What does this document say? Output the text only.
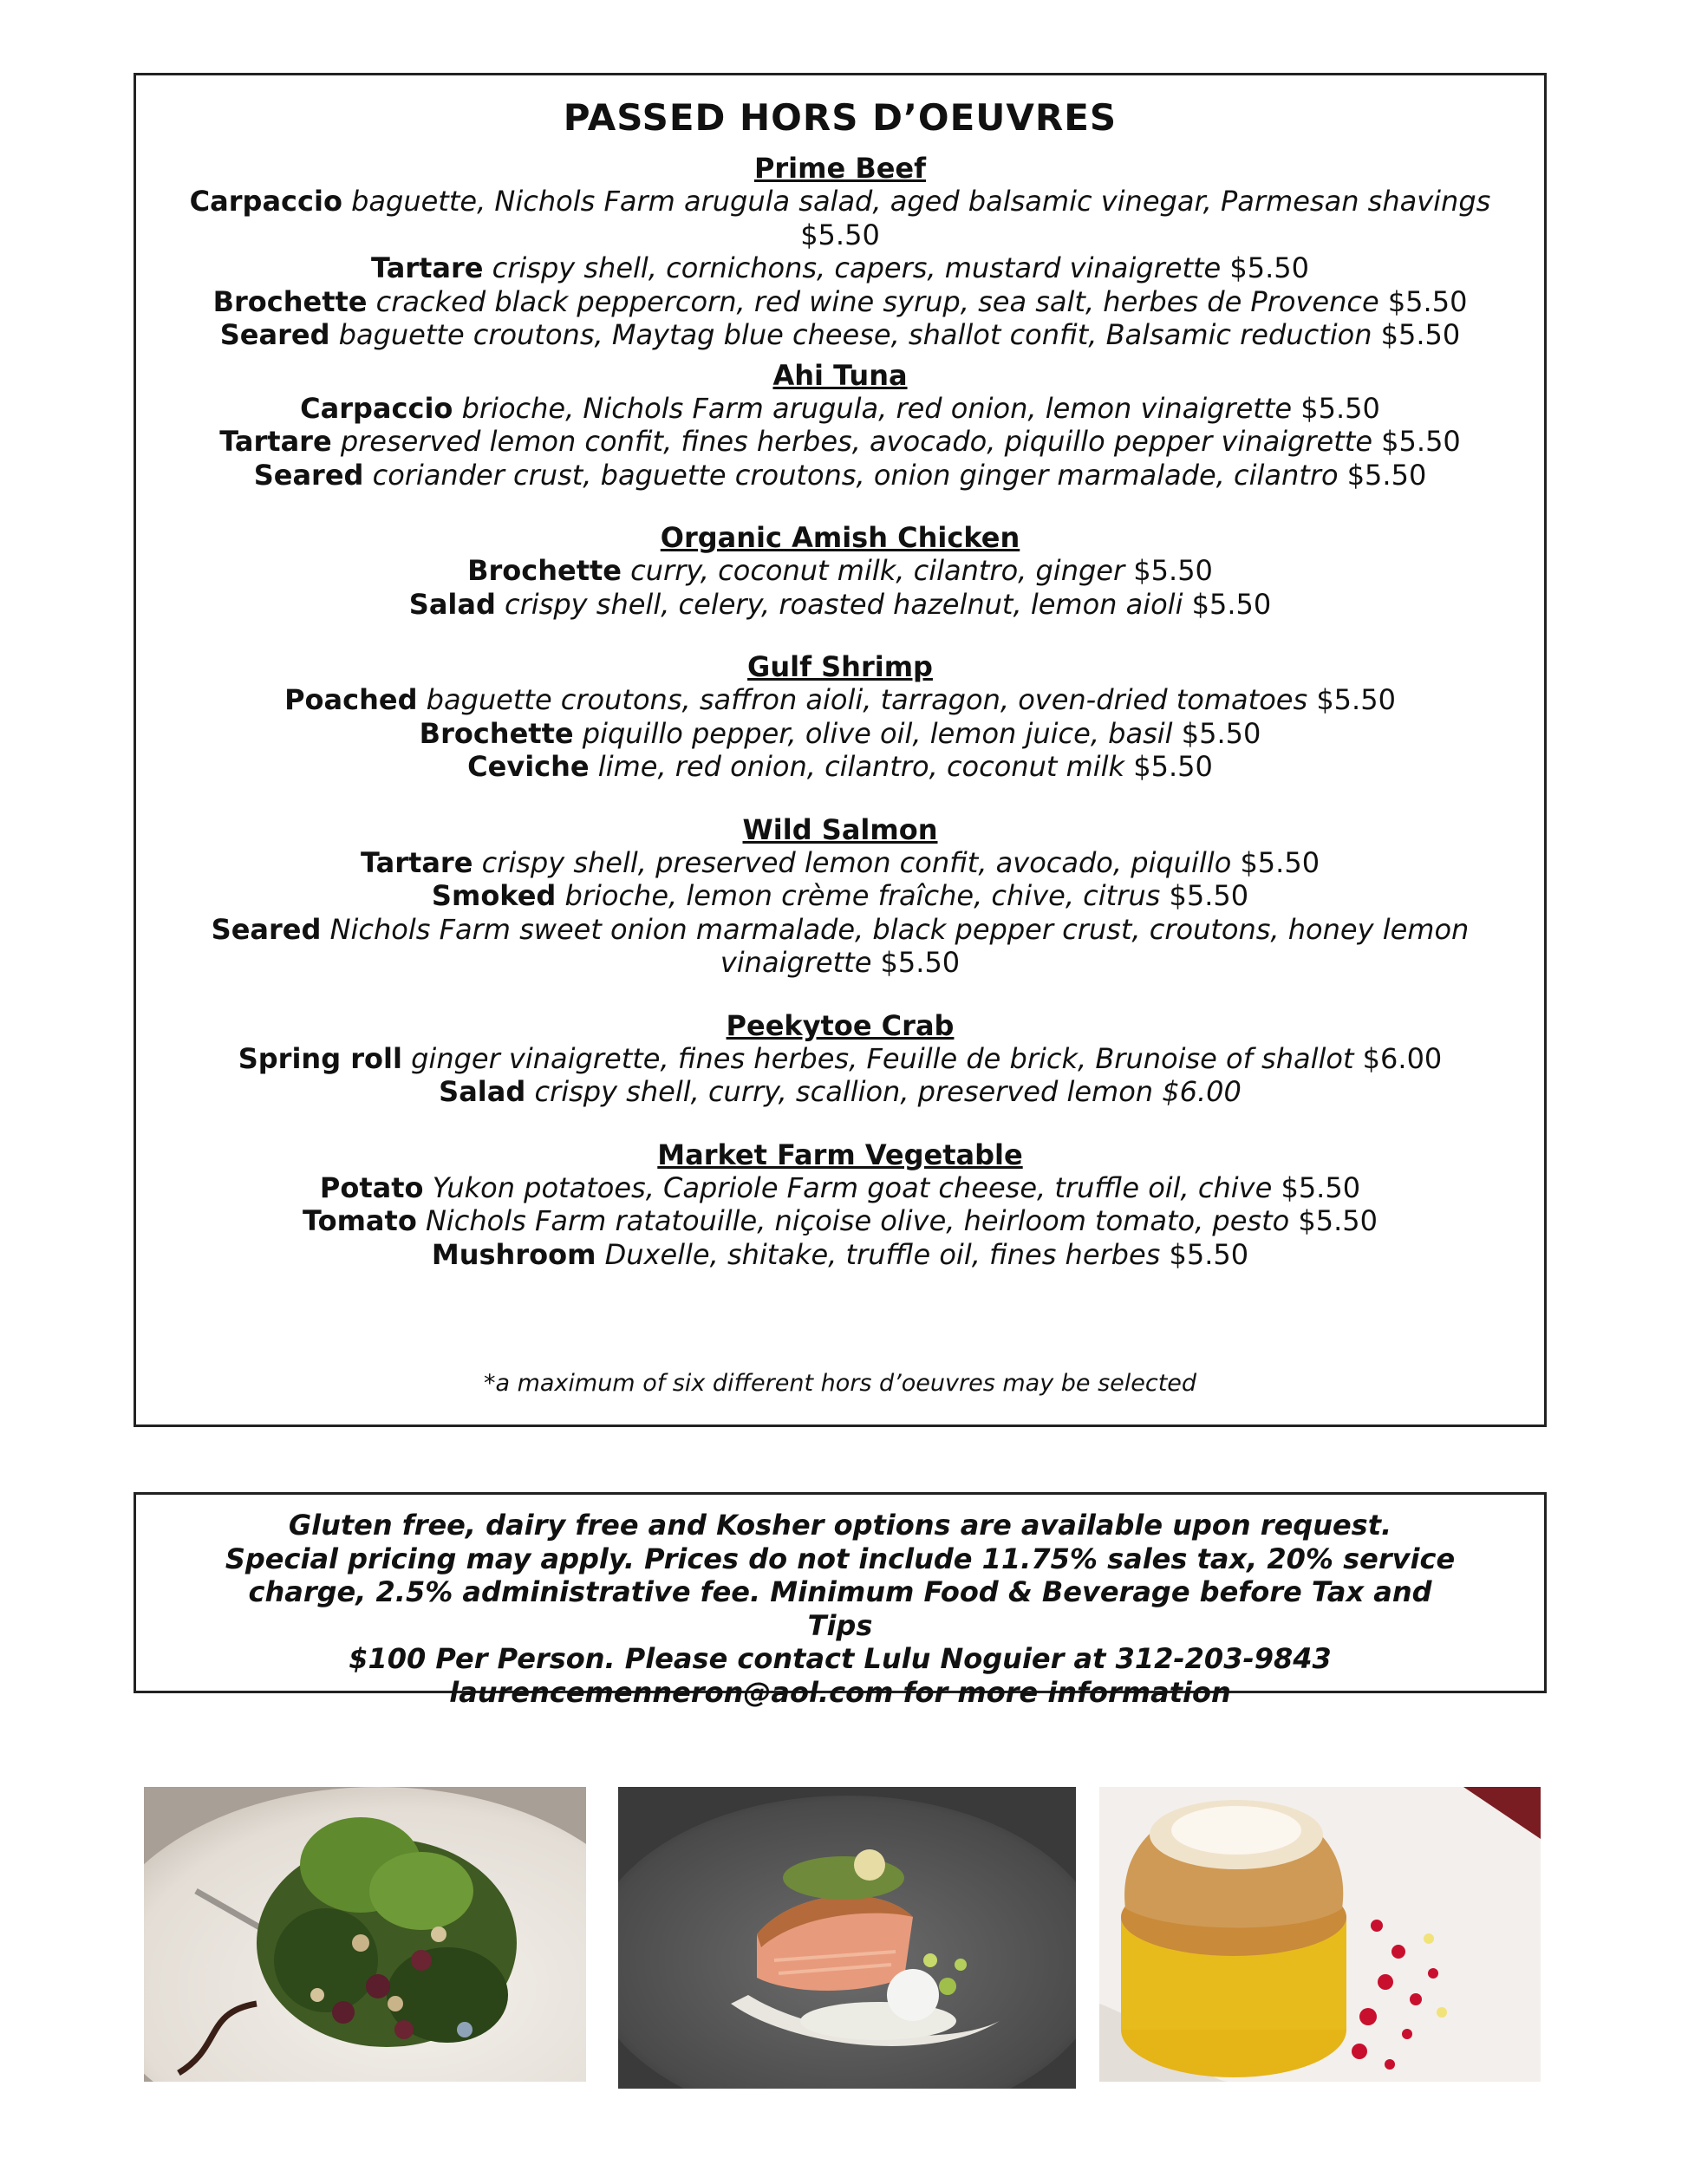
PASSED HORS D’OEUVRES
Prime Beef
Carpaccio baguette, Nichols Farm arugula salad, aged balsamic vinegar, Parmesan shavings $5.50
Tartare crispy shell, cornichons, capers, mustard vinaigrette $5.50
Brochette cracked black peppercorn, red wine syrup, sea salt, herbes de Provence $5.50
Seared baguette croutons, Maytag blue cheese, shallot confit, Balsamic reduction $5.50
Ahi Tuna
Carpaccio brioche, Nichols Farm arugula, red onion, lemon vinaigrette $5.50
Tartare preserved lemon confit, fines herbes, avocado, piquillo pepper vinaigrette $5.50
Seared coriander crust, baguette croutons, onion ginger marmalade, cilantro $5.50
Organic Amish Chicken
Brochette curry, coconut milk, cilantro, ginger $5.50
Salad crispy shell, celery, roasted hazelnut, lemon aioli $5.50
Gulf Shrimp
Poached baguette croutons, saffron aioli, tarragon, oven-dried tomatoes $5.50
Brochette piquillo pepper, olive oil, lemon juice, basil $5.50
Ceviche lime, red onion, cilantro, coconut milk $5.50
Wild Salmon
Tartare crispy shell, preserved lemon confit, avocado, piquillo $5.50
Smoked brioche, lemon crème fraîche, chive, citrus $5.50
Seared Nichols Farm sweet onion marmalade, black pepper crust, croutons, honey lemon vinaigrette $5.50
Peekytoe Crab
Spring roll ginger vinaigrette, fines herbes, Feuille de brick, Brunoise of shallot $6.00
Salad crispy shell, curry, scallion, preserved lemon $6.00
Market Farm Vegetable
Potato Yukon potatoes, Capriole Farm goat cheese, truffle oil, chive $5.50
Tomato Nichols Farm ratatouille, niçoise olive, heirloom tomato, pesto $5.50
Mushroom Duxelle, shitake, truffle oil, fines herbes $5.50
*a maximum of six different hors d’oeuvres may be selected
Gluten free, dairy free and Kosher options are available upon request.
Special pricing may apply. Prices do not include 11.75% sales tax, 20% service
charge, 2.5% administrative fee. Minimum Food & Beverage before Tax and Tips
$100 Per Person. Please contact Lulu Noguier at 312-203-9843
laurencemenneron@aol.com for more information
